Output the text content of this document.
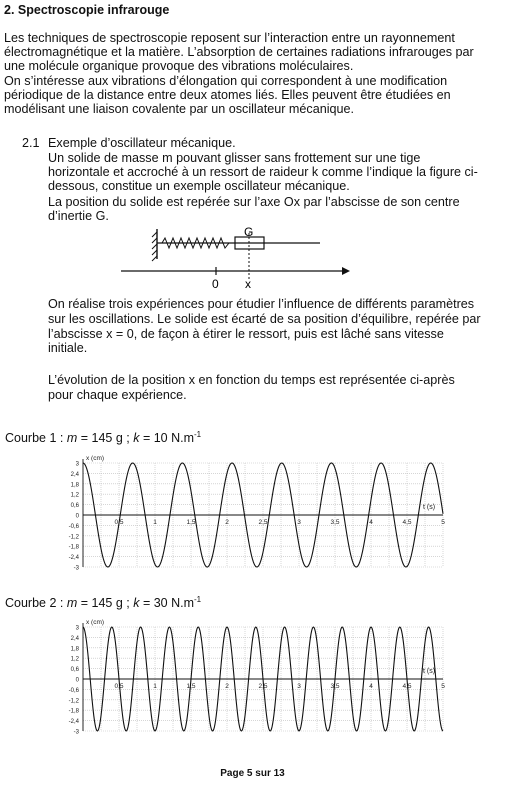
2. Spectroscopie infrarouge
Les techniques de spectroscopie reposent sur l’interaction entre un rayonnement
électromagnétique et la matière. L’absorption de certaines radiations infrarouges par
une molécule organique provoque des vibrations moléculaires.
On s’intéresse aux vibrations d’élongation qui correspondent à une modification
périodique de la distance entre deux atomes liés. Elles peuvent être étudiées en
modélisant une liaison covalente par un oscillateur mécanique.
2.1 Exemple d’oscillateur mécanique.
Un solide de masse m pouvant glisser sans frottement sur une tige
horizontale et accroché à un ressort de raideur k comme l’indique la figure ci-
dessous, constitue un exemple oscillateur mécanique.
La position du solide est repérée sur l’axe Ox par l’abscisse de son centre
d’inertie G.
G
0 x
On réalise trois expériences pour étudier l’influence de différents paramètres
sur les oscillations. Le solide est écarté de sa position d’équilibre, repérée par
l’abscisse x = 0, de façon à étirer le ressort, puis est lâché sans vitesse
initiale.
L’évolution de la position x en fonction du temps est représentée ci-après
pour chaque expérience.
Courbe 1 : m = 145 g ; k = 10 $N.m^{-1}$
3
2,4
1,8
1,2
0,6
0
-0,6
-1,2
-1,8
-2,4
-3
0,5	1	1,5	2	2,5	3	3,5	4	4,5	5
x (cm)
t (s)
Courbe 2 : m = 145 g ; k = 30 $N.m^{-1}$
3
2,4
1,8
1,2
0,6
0
-0,6
-1,2
-1,8
-2,4
-3
0,5	1	1,5	2	2,5	3	3,5	4	4,5	5
x (cm)
t (s)
Page 5 sur 13
